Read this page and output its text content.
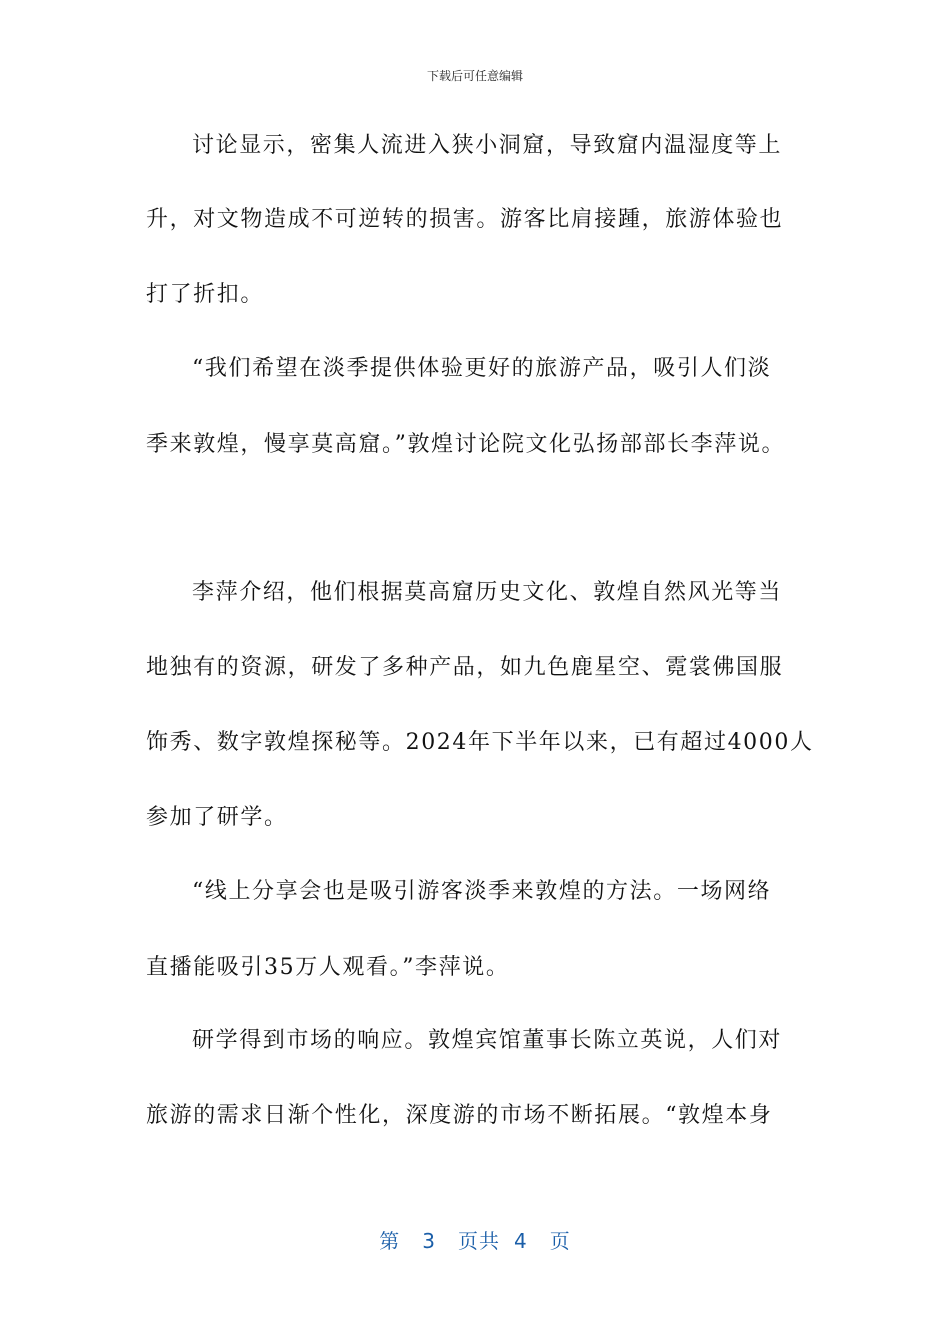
下载后可任意编辑
讨论显示，密集人流进入狭小洞窟，导致窟内温湿度等上
升，对文物造成不可逆转的损害。游客比肩接踵，旅游体验也
打了折扣。
“我们希望在淡季提供体验更好的旅游产品，吸引人们淡
季来敦煌，慢享莫高窟。”敦煌讨论院文化弘扬部部长李萍说。
李萍介绍，他们根据莫高窟历史文化、敦煌自然风光等当
地独有的资源，研发了多种产品，如九色鹿星空、霓裳佛国服
饰秀、数字敦煌探秘等。2024年下半年以来，已有超过4000人
参加了研学。
“线上分享会也是吸引游客淡季来敦煌的方法。一场网络
直播能吸引35万人观看。”李萍说。
研学得到市场的响应。敦煌宾馆董事长陈立英说，人们对
旅游的需求日渐个性化，深度游的市场不断拓展。“敦煌本身
第 3 页共 4 页
